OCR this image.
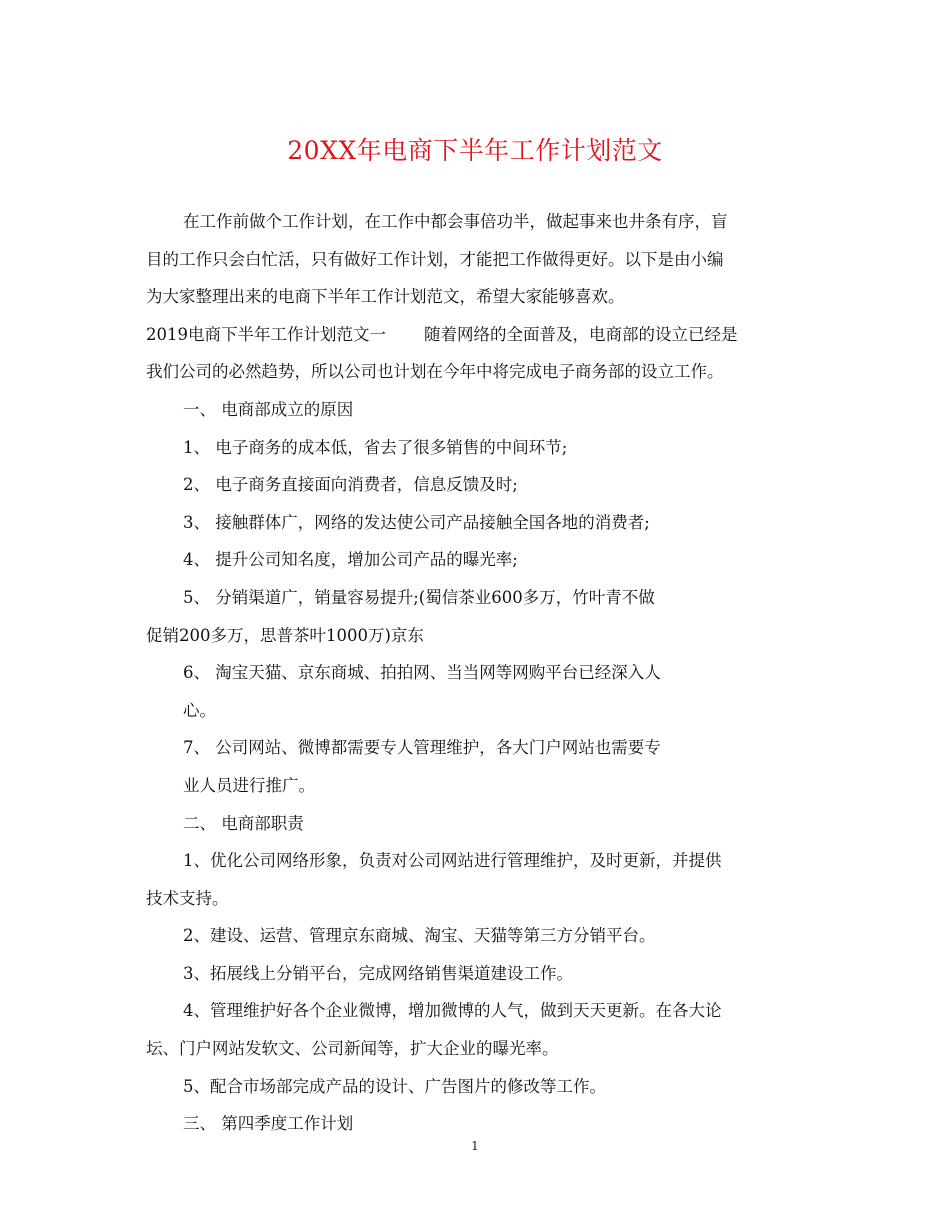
20XX年电商下半年工作计划范文

在工作前做个工作计划，在工作中都会事倍功半，做起事来也井条有序，盲

目的工作只会白忙活，只有做好工作计划，才能把工作做得更好。以下是由小编

为大家整理出来的电商下半年工作计划范文，希望大家能够喜欢。

2019电商下半年工作计划范文一 随着网络的全面普及，电商部的设立已经是

我们公司的必然趋势，所以公司也计划在今年中将完成电子商务部的设立工作。

一、 电商部成立的原因

1、 电子商务的成本低，省去了很多销售的中间环节;

2、 电子商务直接面向消费者，信息反馈及时;

3、 接触群体广，网络的发达使公司产品接触全国各地的消费者;

4、 提升公司知名度，增加公司产品的曝光率;

5、 分销渠道广，销量容易提升;(蜀信茶业600多万，竹叶青不做

促销200多万，思普茶叶1000万)京东

6、 淘宝天猫、京东商城、拍拍网、当当网等网购平台已经深入人

心。

7、 公司网站、微博都需要专人管理维护，各大门户网站也需要专

业人员进行推广。

二、 电商部职责

1、优化公司网络形象，负责对公司网站进行管理维护，及时更新，并提供

技术支持。

2、建设、运营、管理京东商城、淘宝、天猫等第三方分销平台。

3、拓展线上分销平台，完成网络销售渠道建设工作。

4、管理维护好各个企业微博，增加微博的人气，做到天天更新。在各大论

坛、门户网站发软文、公司新闻等，扩大企业的曝光率。

5、配合市场部完成产品的设计、广告图片的修改等工作。

三、 第四季度工作计划

1
